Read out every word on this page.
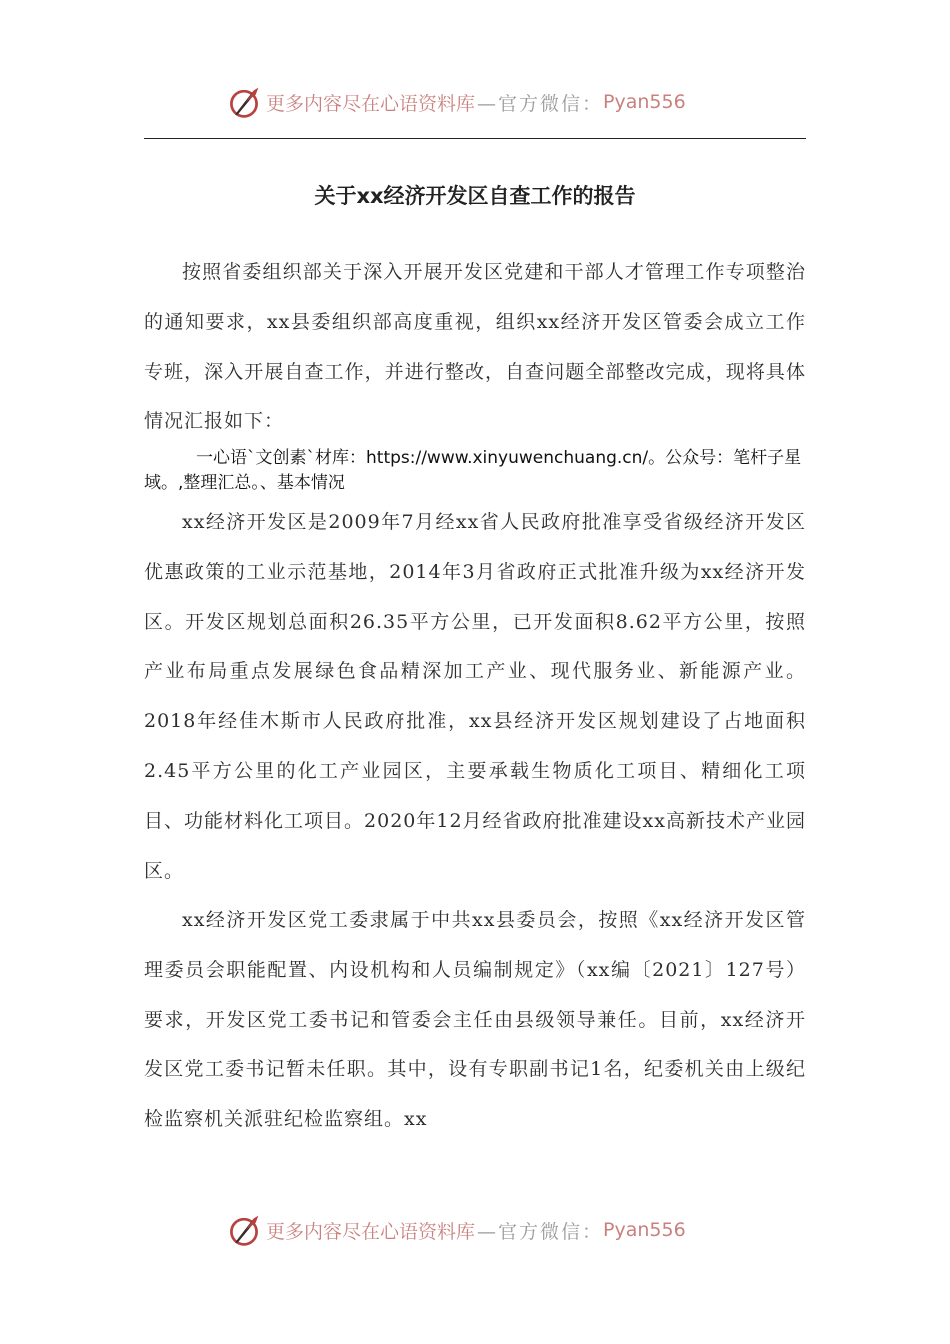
更多内容尽在心语资料库 —官方微信： Pyan556
关于xx经济开发区自查工作的报告

按照省委组织部关于深入开展开发区党建和干部人才管理工作专项整治的通知要求，xx县委组织部高度重视，组织xx经济开发区管委会成立工作专班，深入开展自查工作，并进行整改，自查问题全部整改完成，现将具体情况汇报如下：

一心语`文创素`材库：https://www.xinyuwenchuang.cn/。公众号：笔杆子星域。,整理汇总。、基本情况

xx经济开发区是2009年7月经xx省人民政府批准享受省级经济开发区优惠政策的工业示范基地，2014年3月省政府正式批准升级为xx经济开发区。开发区规划总面积26.35平方公里，已开发面积8.62平方公里，按照产业布局重点发展绿色食品精深加工产业、现代服务业、新能源产业。2018年经佳木斯市人民政府批准，xx县经济开发区规划建设了占地面积2.45平方公里的化工产业园区，主要承载生物质化工项目、精细化工项目、功能材料化工项目。2020年12月经省政府批准建设xx高新技术产业园区。

xx经济开发区党工委隶属于中共xx县委员会，按照《xx经济开发区管理委员会职能配置、内设机构和人员编制规定》（xx编〔2021〕127号）要求，开发区党工委书记和管委会主任由县级领导兼任。目前，xx经济开发区党工委书记暂未任职。其中，设有专职副书记1名，纪委机关由上级纪检监察机关派驻纪检监察组。xx

更多内容尽在心语资料库 —官方微信： Pyan556
